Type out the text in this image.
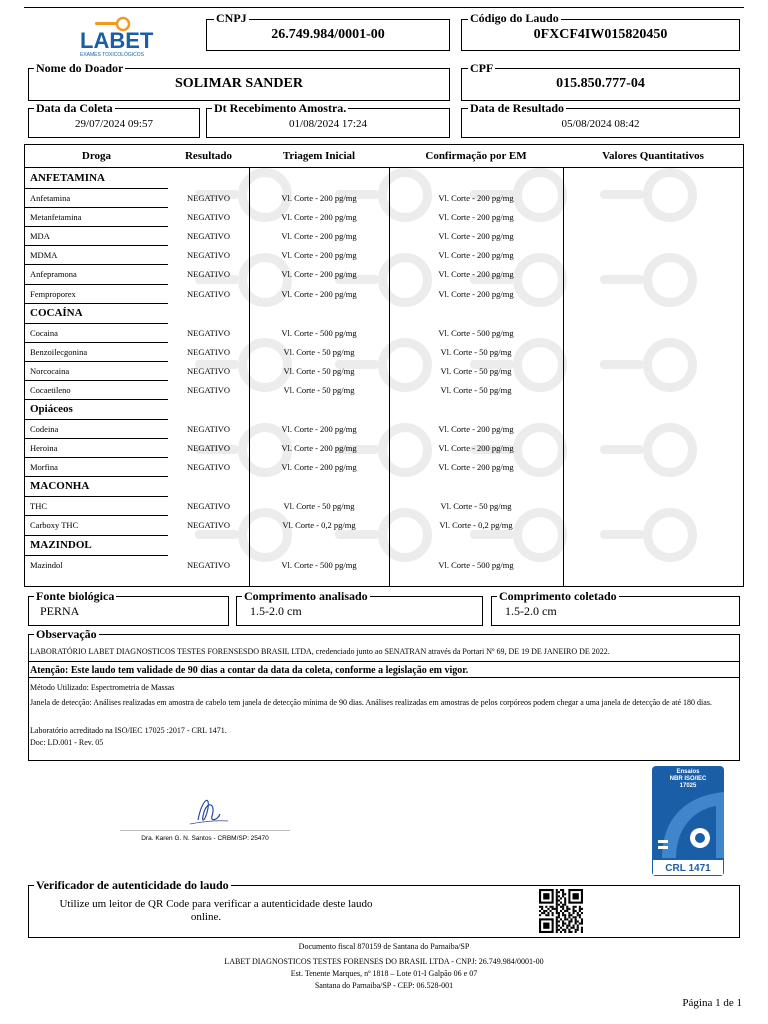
LABET
EXAMES TOXICOLÓGICOS
CNPJ
26.749.984/0001-00
Código do Laudo
0FXCF4IW015820450
Nome do Doador
SOLIMAR SANDER
CPF
015.850.777-04
Data da Coleta
29/07/2024 09:57
Dt Recebimento Amostra.
01/08/2024 17:24
Data de Resultado
05/08/2024 08:42
Droga	Resultado	Triagem Inicial	Confirmação por EM	Valores Quantitativos
ANFETAMINA
Anfetamina	NEGATIVO	Vl. Corte - 200 pg/mg	Vl. Corte - 200 pg/mg
Metanfetamina	NEGATIVO	Vl. Corte - 200 pg/mg	Vl. Corte - 200 pg/mg
MDA	NEGATIVO	Vl. Corte - 200 pg/mg	Vl. Corte - 200 pg/mg
MDMA	NEGATIVO	Vl. Corte - 200 pg/mg	Vl. Corte - 200 pg/mg
Anfepramona	NEGATIVO	Vl. Corte - 200 pg/mg	Vl. Corte - 200 pg/mg
Femproporex	NEGATIVO	Vl. Corte - 200 pg/mg	Vl. Corte - 200 pg/mg
COCAÍNA
Cocaina	NEGATIVO	Vl. Corte - 500 pg/mg	Vl. Corte - 500 pg/mg
Benzoilecgonina	NEGATIVO	Vl. Corte - 50 pg/mg	Vl. Corte - 50 pg/mg
Norcocaina	NEGATIVO	Vl. Corte - 50 pg/mg	Vl. Corte - 50 pg/mg
Cocaetileno	NEGATIVO	Vl. Corte - 50 pg/mg	Vl. Corte - 50 pg/mg
Opiáceos
Codeina	NEGATIVO	Vl. Corte - 200 pg/mg	Vl. Corte - 200 pg/mg
Heroina	NEGATIVO	Vl. Corte - 200 pg/mg	Vl. Corte - 200 pg/mg
Morfina	NEGATIVO	Vl. Corte - 200 pg/mg	Vl. Corte - 200 pg/mg
MACONHA
THC	NEGATIVO	Vl. Corte - 50 pg/mg	Vl. Corte - 50 pg/mg
Carboxy THC	NEGATIVO	Vl. Corte - 0,2 pg/mg	Vl. Corte - 0,2 pg/mg
MAZINDOL
Mazindol	NEGATIVO	Vl. Corte - 500 pg/mg	Vl. Corte - 500 pg/mg
Fonte biológica
PERNA
Comprimento analisado
1.5-2.0 cm
Comprimento coletado
1.5-2.0 cm
Observação
LABORATÓRIO LABET DIAGNOSTICOS TESTES FORENSESDO BRASIL LTDA, credenciado junto ao SENATRAN através da Portari Nº 69, DE 19 DE JANEIRO DE 2022.
Atenção: Este laudo tem validade de 90 dias a contar da data da coleta, conforme a legislação em vigor.
Método Utilizado: Espectrometria de Massas
Janela de detecção: Análises realizadas em amostra de cabelo tem janela de detecção mínima de 90 dias. Análises realizadas em amostras de pelos corpóreos podem chegar a uma janela de detecção de até 180 dias.
Laboratório acreditado na ISO/IEC 17025 :2017 - CRL 1471.
Doc: LD.001 - Rev. 05
Dra. Karen G. N. Santos - CRBM/SP: 25470
Ensaios
NBR ISO/IEC
17025
CRL 1471
Verificador de autenticidade do laudo
Utilize um leitor de QR Code para verificar a autenticidade deste laudo
online.
Documento fiscal 870159 de Santana do Parnaiba/SP
LABET DIAGNOSTICOS TESTES FORENSES DO BRASIL LTDA - CNPJ: 26.749.984/0001-00
Est. Tenente Marques, nº 1818 – Lote 01-I Galpão 06 e 07
Santana do Parnaiba/SP - CEP: 06.528-001
Página 1 de 1
